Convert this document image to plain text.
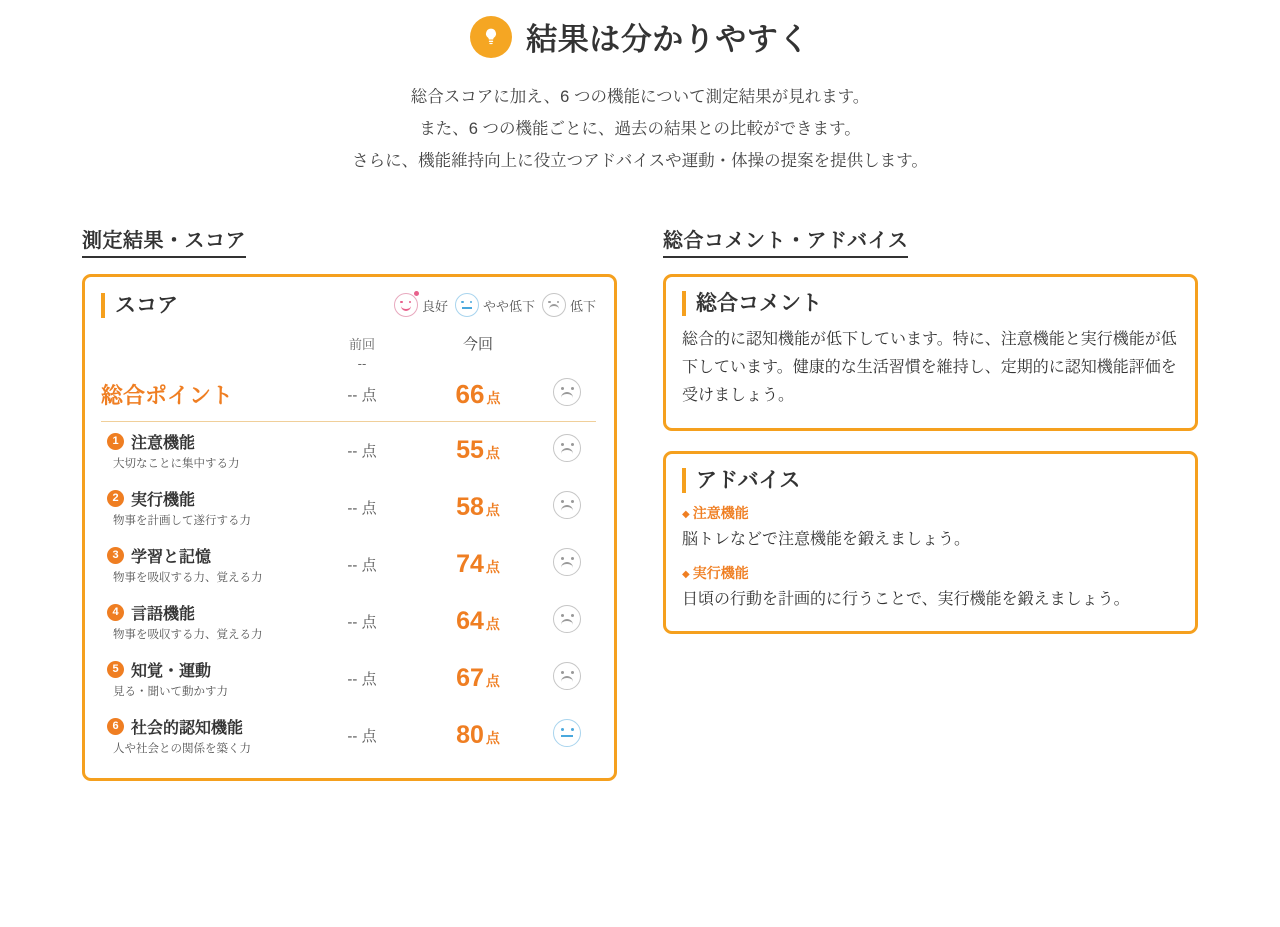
結果は分かりやすく
総合スコアに加え、6 つの機能について測定結果が見れます。
また、6 つの機能ごとに、過去の結果との比較ができます。
さらに、機能維持向上に役立つアドバイスや運動・体操の提案を提供します。
測定結果・スコア
スコア	良好	やや低下	低下
	前回	今回	
	--		
総合ポイント	-- 点	66 点	

1 注意機能
大切なことに集中する力	-- 点	55 点	

2 実行機能
物事を計画して遂行する力	-- 点	58 点	

3 学習と記憶
物事を吸収する力、覚える力	-- 点	74 点	

4 言語機能
物事を吸収する力、覚える力	-- 点	64 点	

5 知覚・運動
見る・聞いて動かす力	-- 点	67 点	

6 社会的認知機能
人や社会との関係を築く力	-- 点	80 点	
総合コメント・アドバイス
総合コメント
総合的に認知機能が低下しています。特に、注意機能と実行機能が低下しています。健康的な生活習慣を維持し、定期的に認知機能評価を受けましょう。
アドバイス
◆ 注意機能
脳トレなどで注意機能を鍛えましょう。
◆ 実行機能
日頃の行動を計画的に行うことで、実行機能を鍛えましょう。
